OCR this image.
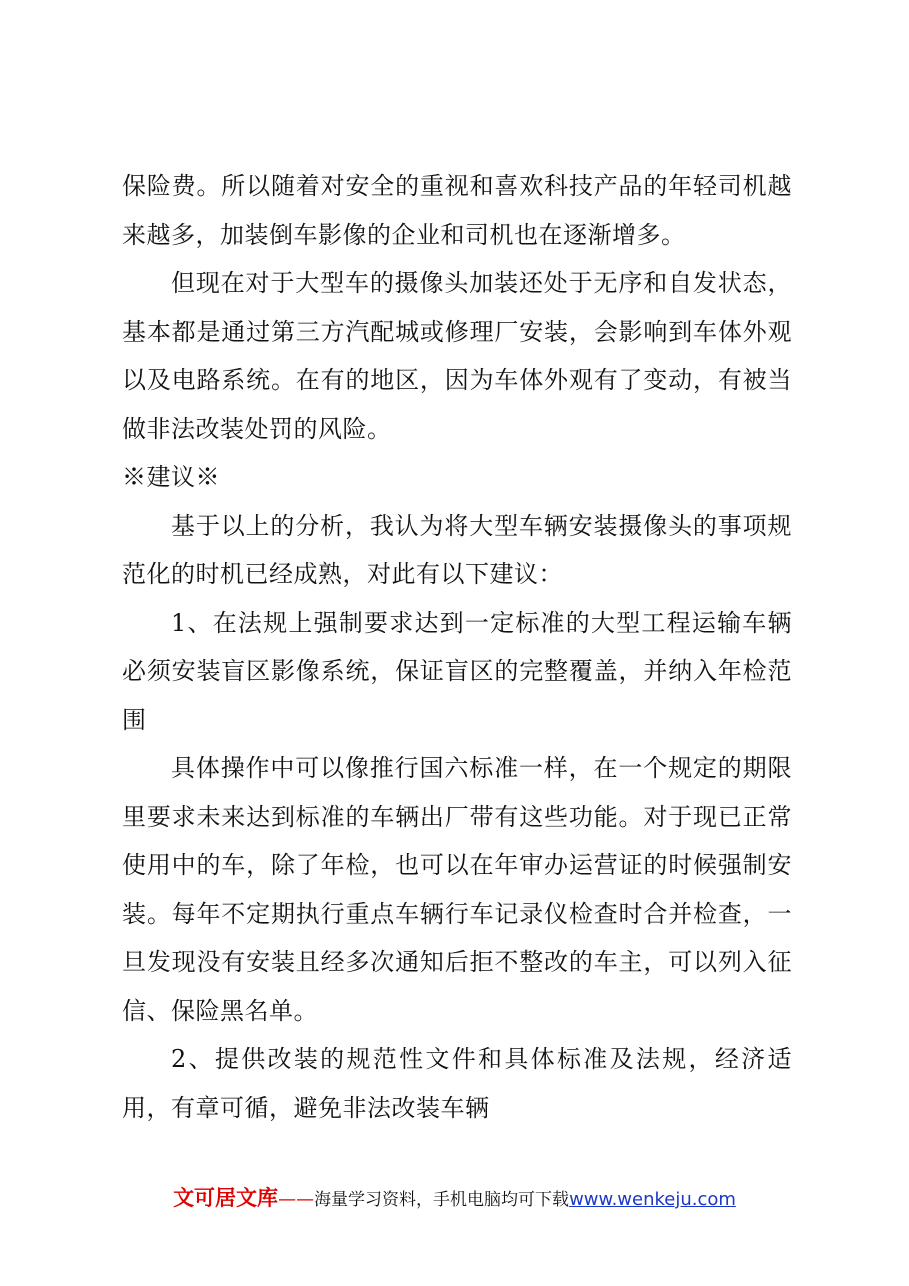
保险费。所以随着对安全的重视和喜欢科技产品的年轻司机越来越多，加装倒车影像的企业和司机也在逐渐增多。

但现在对于大型车的摄像头加装还处于无序和自发状态，基本都是通过第三方汽配城或修理厂安装，会影响到车体外观以及电路系统。在有的地区，因为车体外观有了变动，有被当做非法改装处罚的风险。

※建议※

基于以上的分析，我认为将大型车辆安装摄像头的事项规范化的时机已经成熟，对此有以下建议：

1、在法规上强制要求达到一定标准的大型工程运输车辆必须安装盲区影像系统，保证盲区的完整覆盖，并纳入年检范围

具体操作中可以像推行国六标准一样，在一个规定的期限里要求未来达到标准的车辆出厂带有这些功能。对于现已正常使用中的车，除了年检，也可以在年审办运营证的时候强制安装。每年不定期执行重点车辆行车记录仪检查时合并检查，一旦发现没有安装且经多次通知后拒不整改的车主，可以列入征信、保险黑名单。

2、提供改装的规范性文件和具体标准及法规，经济适用，有章可循，避免非法改装车辆

文可居文库——海量学习资料，手机电脑均可下载www.wenkeju.com
